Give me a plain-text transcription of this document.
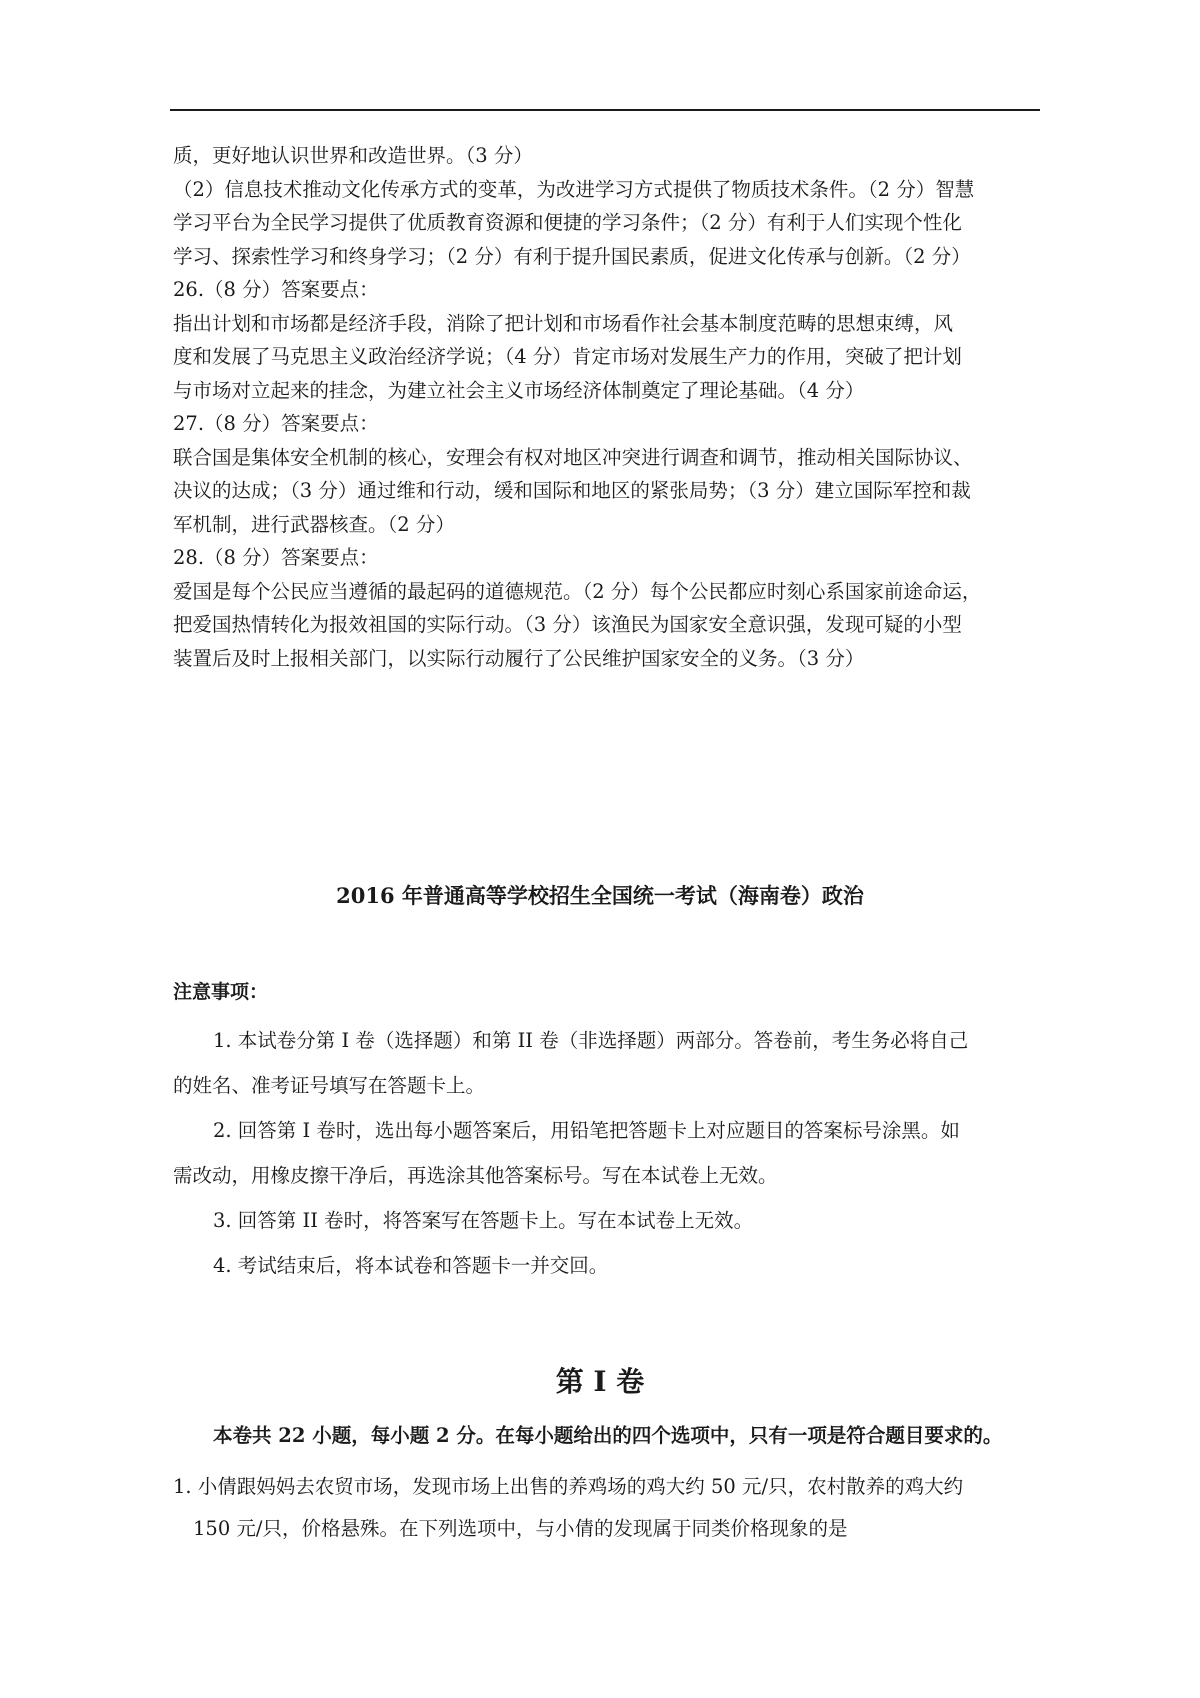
质，更好地认识世界和改造世界。（3 分）

（2）信息技术推动文化传承方式的变革，为改进学习方式提供了物质技术条件。（2 分）智慧

学习平台为全民学习提供了优质教育资源和便捷的学习条件；（2 分）有利于人们实现个性化

学习、探索性学习和终身学习；（2 分）有利于提升国民素质，促进文化传承与创新。（2 分）

26.（8 分）答案要点：

指出计划和市场都是经济手段，消除了把计划和市场看作社会基本制度范畴的思想束缚，风

度和发展了马克思主义政治经济学说；（4 分）肯定市场对发展生产力的作用，突破了把计划

与市场对立起来的挂念，为建立社会主义市场经济体制奠定了理论基础。（4 分）

27.（8 分）答案要点：

联合国是集体安全机制的核心，安理会有权对地区冲突进行调查和调节，推动相关国际协议、

决议的达成；（3 分）通过维和行动，缓和国际和地区的紧张局势；（3 分）建立国际军控和裁

军机制，进行武器核查。（2 分）

28.（8 分）答案要点：

爱国是每个公民应当遵循的最起码的道德规范。（2 分）每个公民都应时刻心系国家前途命运，

把爱国热情转化为报效祖国的实际行动。（3 分）该渔民为国家安全意识强，发现可疑的小型

装置后及时上报相关部门，以实际行动履行了公民维护国家安全的义务。（3 分）

2016 年普通高等学校招生全国统一考试（海南卷）政治
注意事项：

1. 本试卷分第 I 卷（选择题）和第 II 卷（非选择题）两部分。答卷前，考生务必将自己

的姓名、准考证号填写在答题卡上。

2. 回答第 I 卷时，选出每小题答案后，用铅笔把答题卡上对应题目的答案标号涂黑。如

需改动，用橡皮擦干净后，再选涂其他答案标号。写在本试卷上无效。

3. 回答第 II 卷时，将答案写在答题卡上。写在本试卷上无效。

4. 考试结束后，将本试卷和答题卡一并交回。

第 I 卷

本卷共 22 小题，每小题 2 分。在每小题给出的四个选项中，只有一项是符合题目要求的。

1. 小倩跟妈妈去农贸市场，发现市场上出售的养鸡场的鸡大约 50 元/只，农村散养的鸡大约

150 元/只，价格悬殊。在下列选项中，与小倩的发现属于同类价格现象的是
